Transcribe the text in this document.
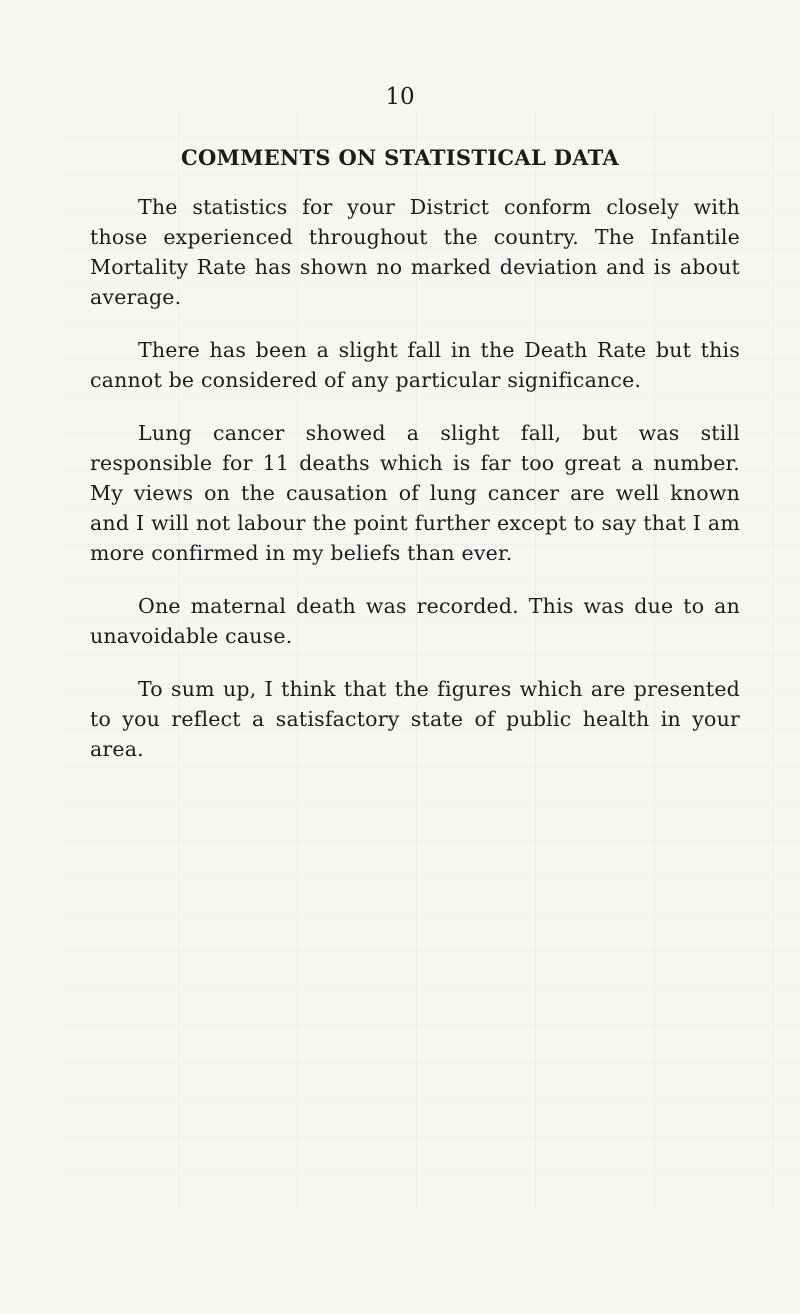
10
COMMENTS ON STATISTICAL DATA

The statistics for your District conform closely with those experienced throughout the country. The Infantile Mortality Rate has shown no marked deviation and is about average.

There has been a slight fall in the Death Rate but this cannot be considered of any particular significance.

Lung cancer showed a slight fall, but was still responsible for 11 deaths which is far too great a number. My views on the causation of lung cancer are well known and I will not labour the point further except to say that I am more confirmed in my beliefs than ever.

One maternal death was recorded. This was due to an unavoidable cause.

To sum up, I think that the figures which are presented to you reflect a satisfactory state of public health in your area.
